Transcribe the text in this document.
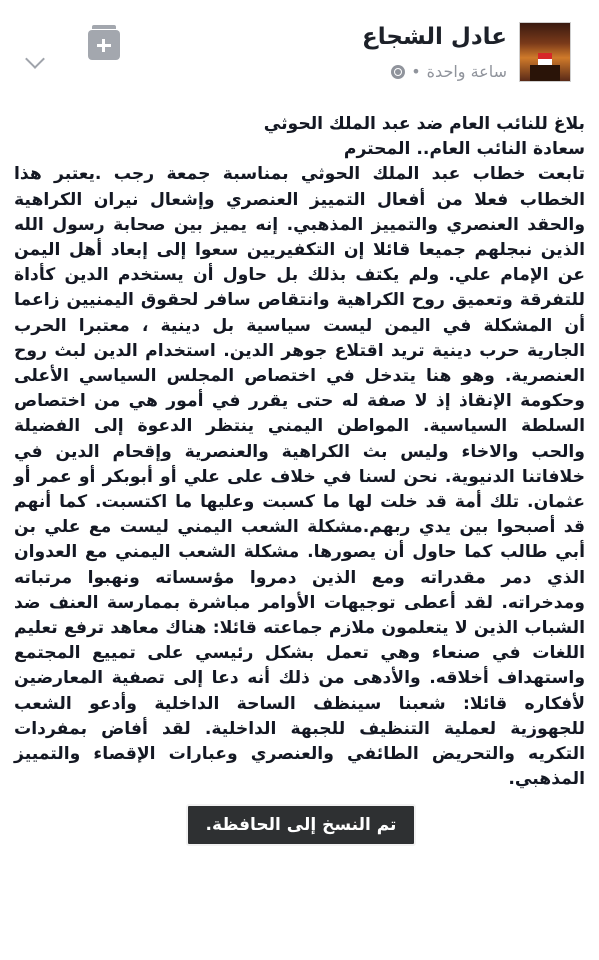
عادل الشجاع
ساعة واحدة
•

بلاغ للنائب العام ضد عبد الملك الحوثي

سعادة النائب العام.. المحترم

تابعت خطاب عبد الملك الحوثي بمناسبة جمعة رجب .يعتبر هذا الخطاب فعلا من أفعال التمييز العنصري وإشعال نيران الكراهية والحقد العنصري والتمييز المذهبي. إنه يميز بين صحابة رسول الله الذين نبجلهم جميعا قائلا إن التكفيريين سعوا إلى إبعاد أهل اليمن عن الإمام علي. ولم يكتف بذلك بل حاول أن يستخدم الدين كأداة للتفرقة وتعميق روح الكراهية وانتقاص سافر لحقوق اليمنيين زاعما أن المشكلة في اليمن ليست سياسية بل دينية ، معتبرا الحرب الجارية حرب دينية تريد اقتلاع جوهر الدين. استخدام الدين لبث روح العنصرية. وهو هنا يتدخل في اختصاص المجلس السياسي الأعلى وحكومة الإنقاذ إذ لا صفة له حتى يقرر في أمور هي من اختصاص السلطة السياسية. المواطن اليمني ينتظر الدعوة إلى الفضيلة والحب والاخاء وليس بث الكراهية والعنصرية وإقحام الدين في خلافاتنا الدنيوية. نحن لسنا في خلاف على علي أو أبوبكر أو عمر أو عثمان. تلك أمة قد خلت لها ما كسبت وعليها ما اكتسبت. كما أنهم قد أصبحوا بين يدي ربهم.مشكلة الشعب اليمني ليست مع علي بن أبي طالب كما حاول أن يصورها. مشكلة الشعب اليمني مع العدوان الذي دمر مقدراته ومع الذين دمروا مؤسساته ونهبوا مرتباته ومدخراته. لقد أعطى توجيهات الأوامر مباشرة بممارسة العنف ضد الشباب الذين لا يتعلمون ملازم جماعته قائلا: هناك معاهد ترفع تعليم اللغات في صنعاء وهي تعمل بشكل رئيسي على تمييع المجتمع واستهداف أخلاقه. والأدهى من ذلك أنه دعا إلى تصفية المعارضين لأفكاره قائلا: شعبنا سينظف الساحة الداخلية وأدعو الشعب للجهوزية لعملية التنظيف للجبهة الداخلية. لقد أفاض بمفردات التكريه والتحريض الطائفي والعنصري وعبارات الإقصاء والتمييز المذهبي.

تم النسخ إلى الحافظة.
